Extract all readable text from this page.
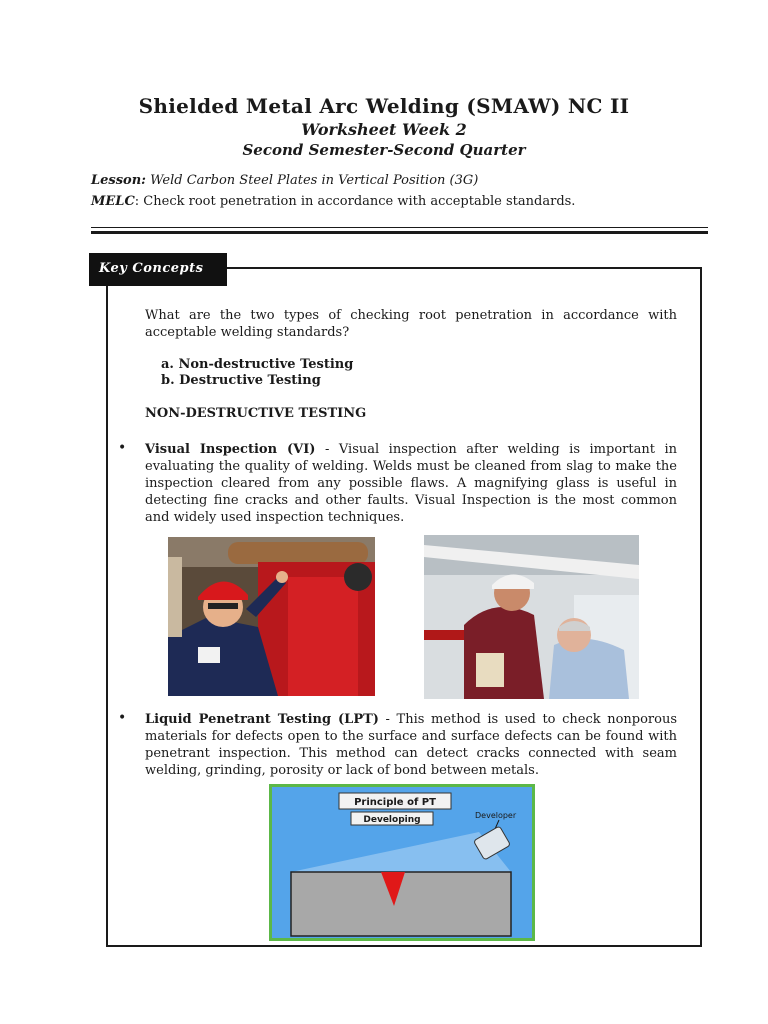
Shielded Metal Arc Welding (SMAW) NC II
Worksheet Week 2
Second Semester-Second Quarter
Lesson: Weld Carbon Steel Plates in Vertical Position (3G)
MELC: Check root penetration in accordance with acceptable standards.
Key Concepts
What are the two types of checking root penetration in accordance with acceptable welding standards?
a. Non-destructive Testing
b. Destructive Testing
NON-DESTRUCTIVE TESTING
• Visual Inspection (VI) - Visual inspection after welding is important in evaluating the quality of welding. Welds must be cleaned from slag to make the inspection cleared from any possible flaws. A magnifying glass is useful in detecting fine cracks and other faults. Visual Inspection is the most common and widely used inspection techniques.
• Liquid Penetrant Testing (LPT) - This method is used to check nonporous materials for defects open to the surface and surface defects can be found with penetrant inspection. This method can detect cracks connected with seam welding, grinding, porosity or lack of bond between metals.
Principle of PT
Developing	Developer
